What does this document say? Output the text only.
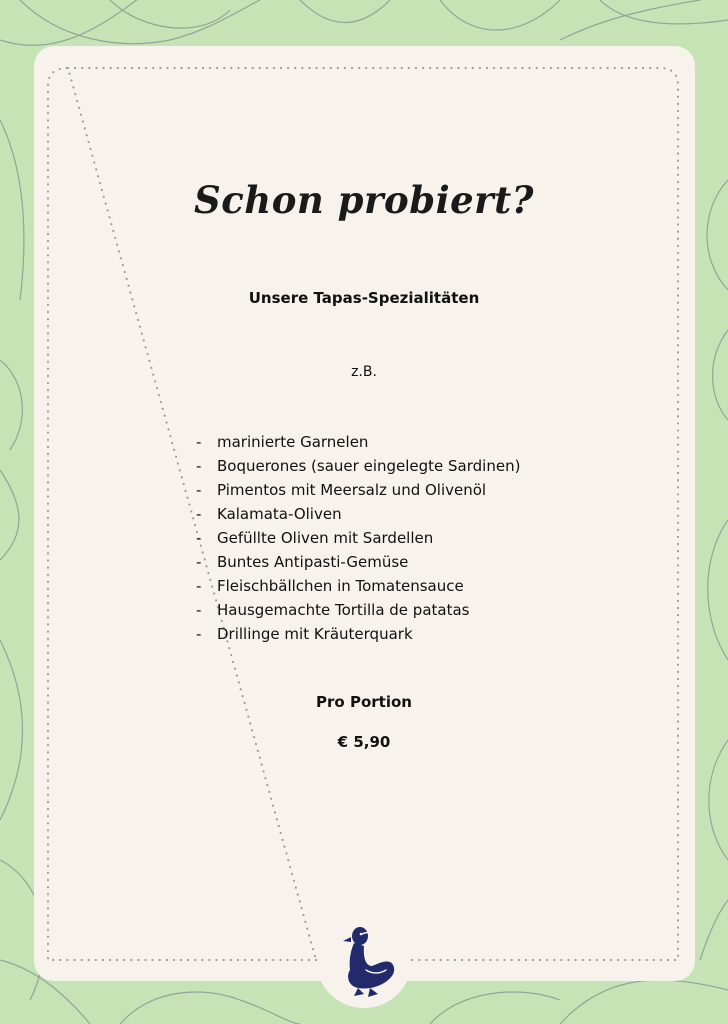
Schon probiert?
Unsere Tapas-Spezialitäten
z.B.
- marinierte Garnelen
- Boquerones (sauer eingelegte Sardinen)
- Pimentos mit Meersalz und Olivenöl
- Kalamata-Oliven
- Gefüllte Oliven mit Sardellen
- Buntes Antipasti-Gemüse
- Fleischbällchen in Tomatensauce
- Hausgemachte Tortilla de patatas
- Drillinge mit Kräuterquark
Pro Portion
€ 5,90
